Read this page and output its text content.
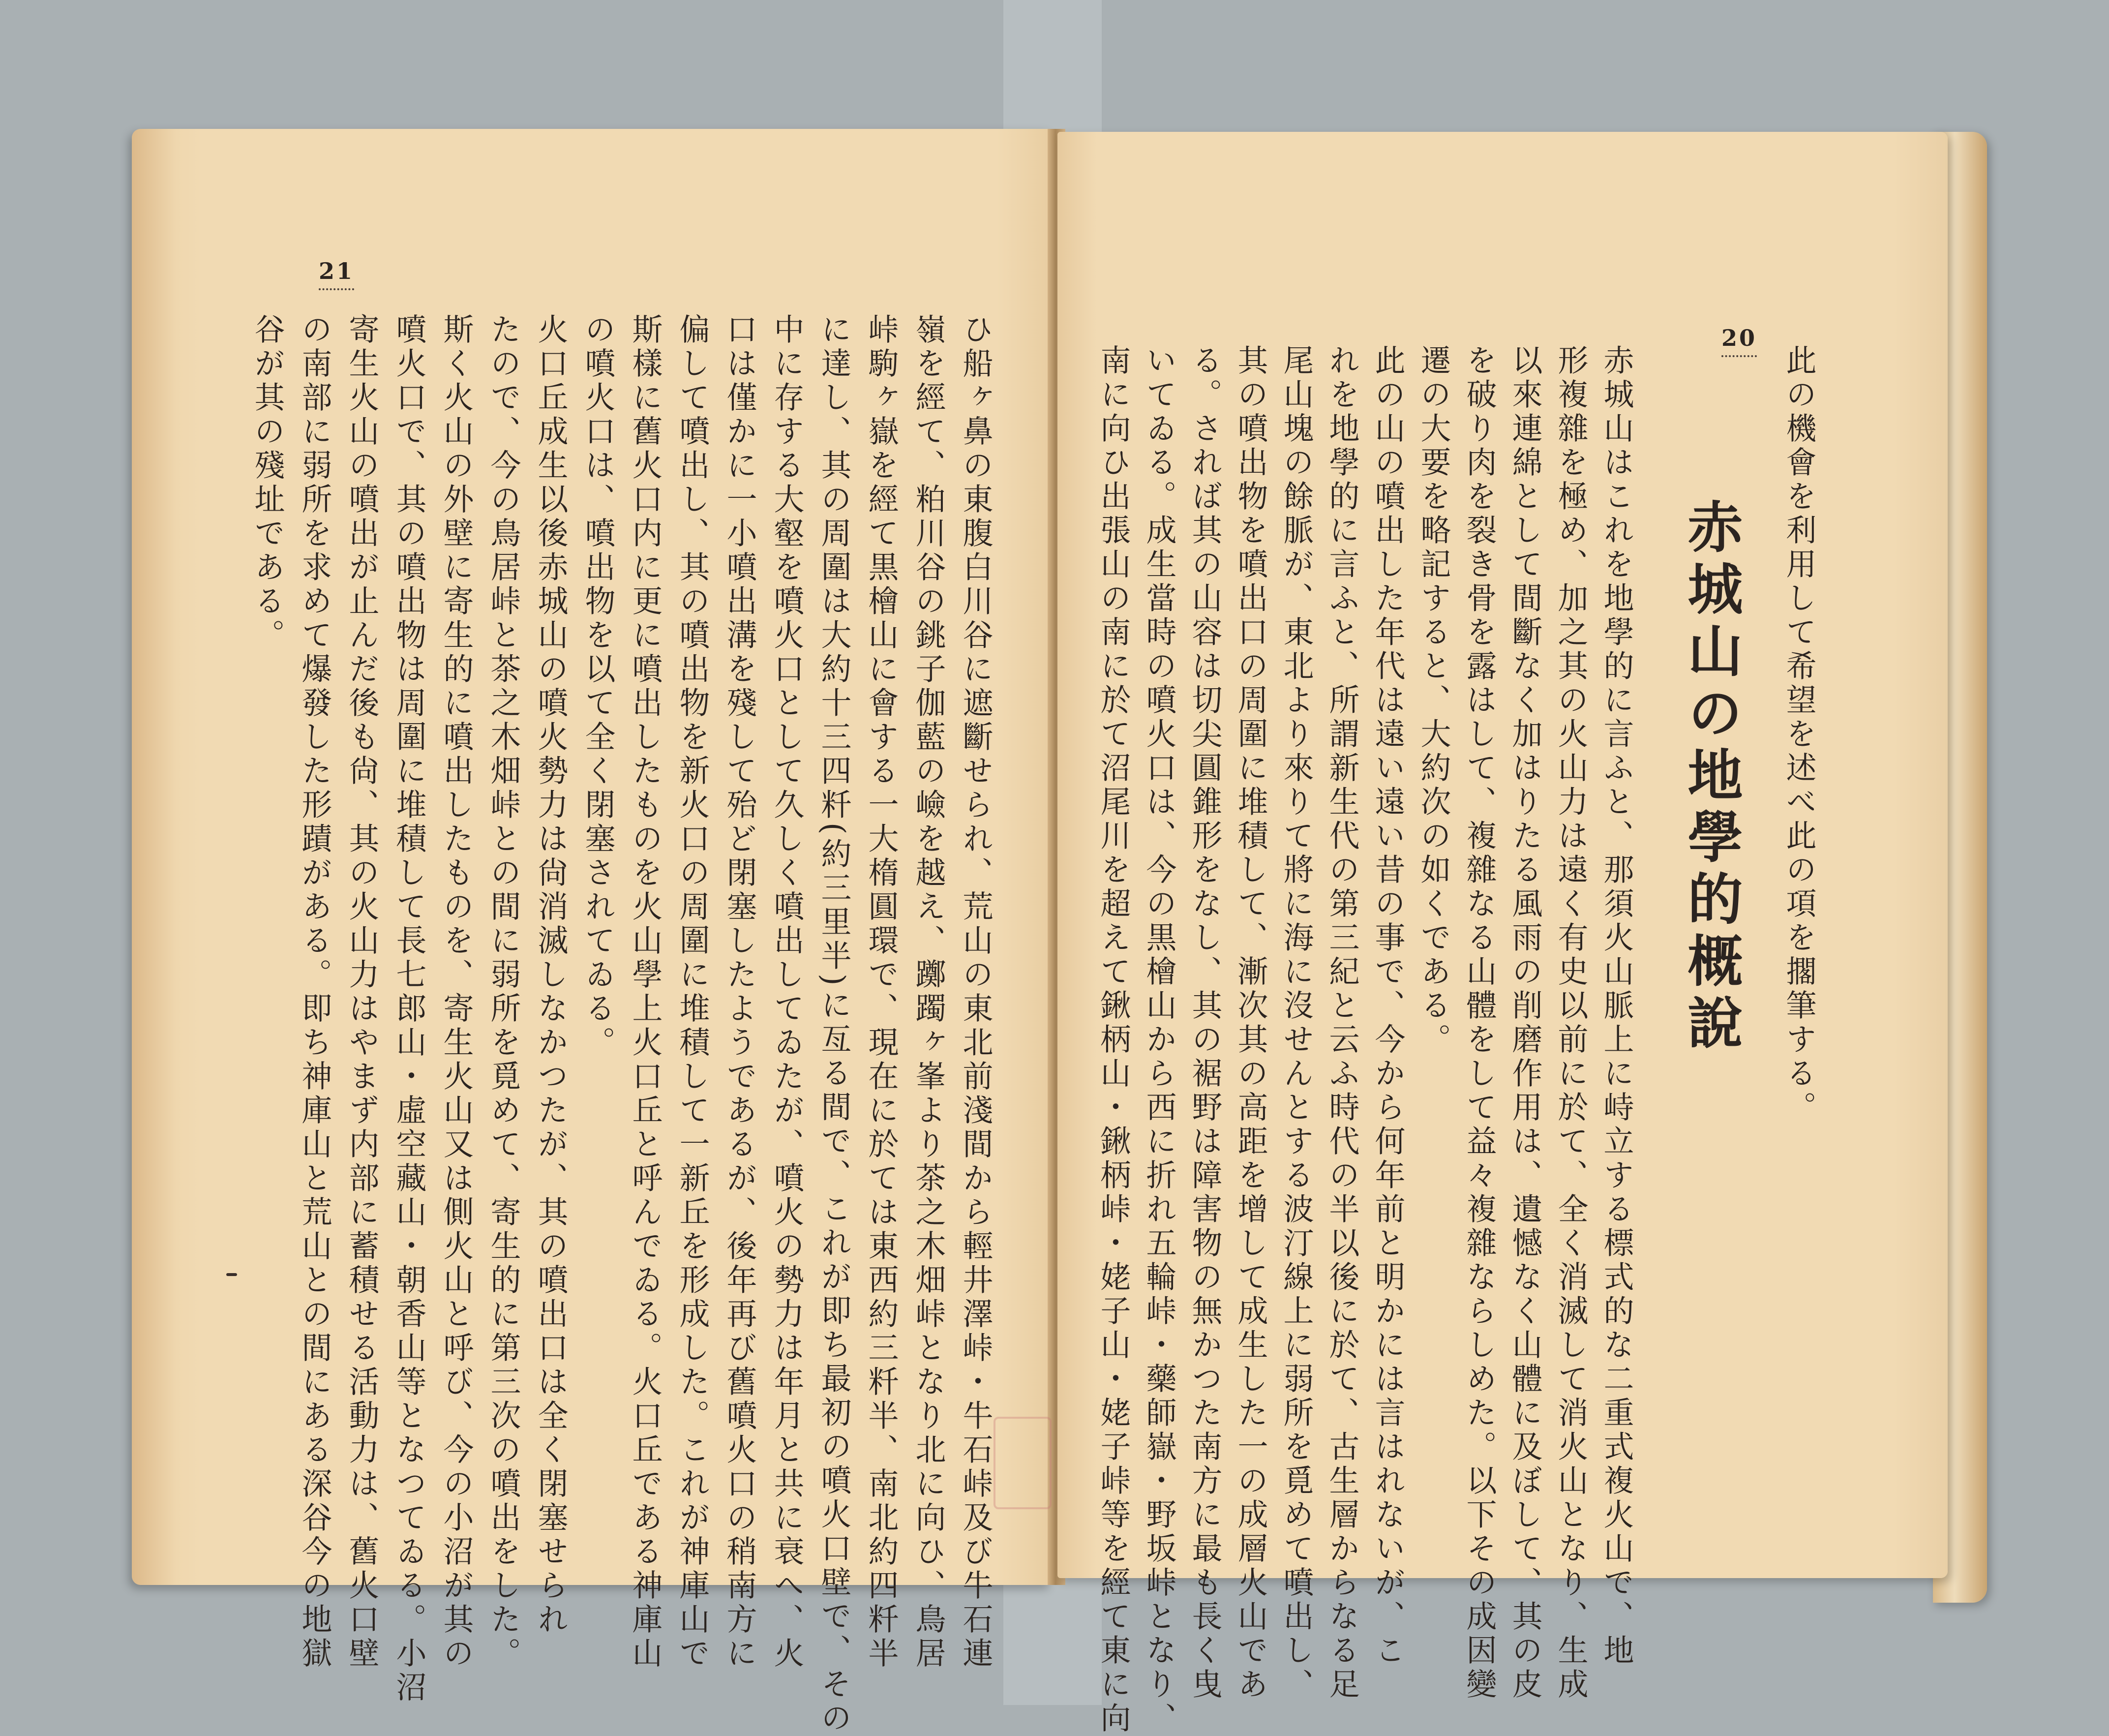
21
ひ船ヶ鼻の東腹白川谷に遮斷せられ、荒山の東北前淺間から輕井澤峠・牛石峠及び牛石連
嶺を經て、粕川谷の銚子伽藍の嶮を越え、躑躅ヶ峯より茶之木畑峠となり北に向ひ、鳥居
峠駒ヶ嶽を經て黒檜山に會する一大楕圓環で、現在に於ては東西約三粁半、南北約四粁半
に達し、其の周圍は大約十三四粁(約三里半)に亙る間で、これが即ち最初の噴火口壁で、その
中に存する大壑を噴火口として久しく噴出してゐたが、噴火の勢力は年月と共に衰へ、火
口は僅かに一小噴出溝を殘して殆ど閉塞したようであるが、後年再び舊噴火口の稍南方に
偏して噴出し、其の噴出物を新火口の周圍に堆積して一新丘を形成した。これが神庫山で
斯樣に舊火口内に更に噴出したものを火山學上火口丘と呼んでゐる。火口丘である神庫山
の噴火口は、噴出物を以て全く閉塞されてゐる。
火口丘成生以後赤城山の噴火勢力は尙消滅しなかつたが、其の噴出口は全く閉塞せられ
たので、今の鳥居峠と茶之木畑峠との間に弱所を覓めて、寄生的に第三次の噴出をした。
斯く火山の外壁に寄生的に噴出したものを、寄生火山又は側火山と呼び、今の小沼が其の
噴火口で、其の噴出物は周圍に堆積して長七郎山・虛空藏山・朝香山等となつてゐる。小沼
寄生火山の噴出が止んだ後も尙、其の火山力はやまず内部に蓄積せる活動力は、舊火口壁
の南部に弱所を求めて爆發した形蹟がある。即ち神庫山と荒山との間にある深谷今の地獄
谷が其の殘址である。	20
此の機會を利用して希望を述べ此の項を擱筆する。
赤城山の地學的概說
赤城山はこれを地學的に言ふと、那須火山脈上に峙立する標式的な二重式複火山で、地
形複雜を極め、加之其の火山力は遠く有史以前に於て、全く消滅して消火山となり、生成
以來連綿として間斷なく加はりたる風雨の削磨作用は、遺憾なく山體に及ぼして、其の皮
を破り肉を裂き骨を露はして、複雜なる山體をして益々複雜ならしめた。以下その成因變
遷の大要を略記すると、大約次の如くである。
此の山の噴出した年代は遠い遠い昔の事で、今から何年前と明かには言はれないが、こ
れを地學的に言ふと、所謂新生代の第三紀と云ふ時代の半以後に於て、古生層からなる足
尾山塊の餘脈が、東北より來りて將に海に沒せんとする波汀線上に弱所を覓めて噴出し、
其の噴出物を噴出口の周圍に堆積して、漸次其の高距を增して成生した一の成層火山であ
る。されば其の山容は切尖圓錐形をなし、其の裾野は障害物の無かつた南方に最も長く曳
いてゐる。成生當時の噴火口は、今の黒檜山から西に折れ五輪峠・藥師嶽・野坂峠となり、
南に向ひ出張山の南に於て沼尾川を超えて鍬柄山・鍬柄峠・姥子山・姥子峠等を經て東に向
